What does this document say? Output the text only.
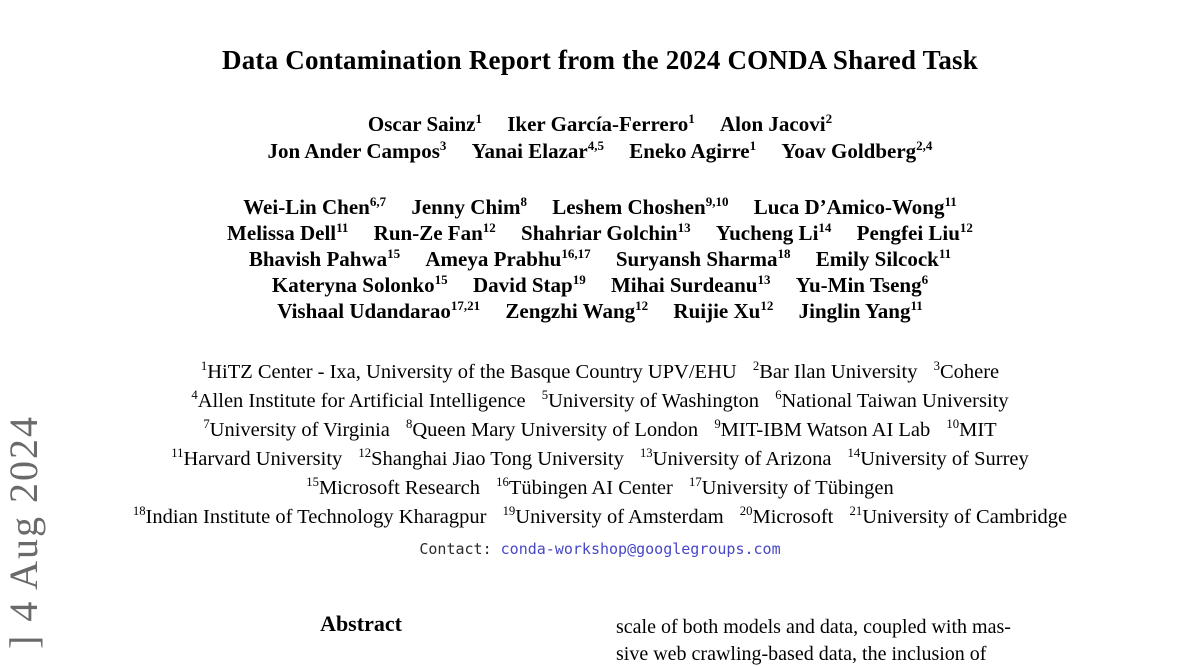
] 4 Aug 2024
Data Contamination Report from the 2024 CONDA Shared Task
Oscar Sainz$^1$ Iker García-Ferrero$^1$ Alon Jacovi$^2$
Jon Ander Campos$^3$ Yanai Elazar$^{4,5}$ Eneko Agirre$^1$ Yoav Goldberg$^{2,4}$
Wei-Lin Chen$^{6,7}$ Jenny Chim$^8$ Leshem Choshen$^{9,10}$ Luca D’Amico-Wong$^{11}$
Melissa Dell$^{11}$ Run-Ze Fan$^{12}$ Shahriar Golchin$^{13}$ Yucheng Li$^{14}$ Pengfei Liu$^{12}$
Bhavish Pahwa$^{15}$ Ameya Prabhu$^{16,17}$ Suryansh Sharma$^{18}$ Emily Silcock$^{11}$
Kateryna Solonko$^{15}$ David Stap$^{19}$ Mihai Surdeanu$^{13}$ Yu-Min Tseng$^6$
Vishaal Udandarao$^{17,21}$ Zengzhi Wang$^{12}$ Ruijie Xu$^{12}$ Jinglin Yang$^{11}$
$^1$HiTZ Center - Ixa, University of the Basque Country UPV/EHU $^2$Bar Ilan University $^3$Cohere
$^4$Allen Institute for Artificial Intelligence $^5$University of Washington $^6$National Taiwan University
$^7$University of Virginia $^8$Queen Mary University of London $^9$MIT-IBM Watson AI Lab $^{10}$MIT
$^{11}$Harvard University $^{12}$Shanghai Jiao Tong University $^{13}$University of Arizona $^{14}$University of Surrey
$^{15}$Microsoft Research $^{16}$Tübingen AI Center $^{17}$University of Tübingen
$^{18}$Indian Institute of Technology Kharagpur $^{19}$University of Amsterdam $^{20}$Microsoft $^{21}$University of Cambridge
Contact: conda-workshop@googlegroups.com
Abstract	scale of both models and data, coupled with mas-
sive web crawling-based data, the inclusion of
